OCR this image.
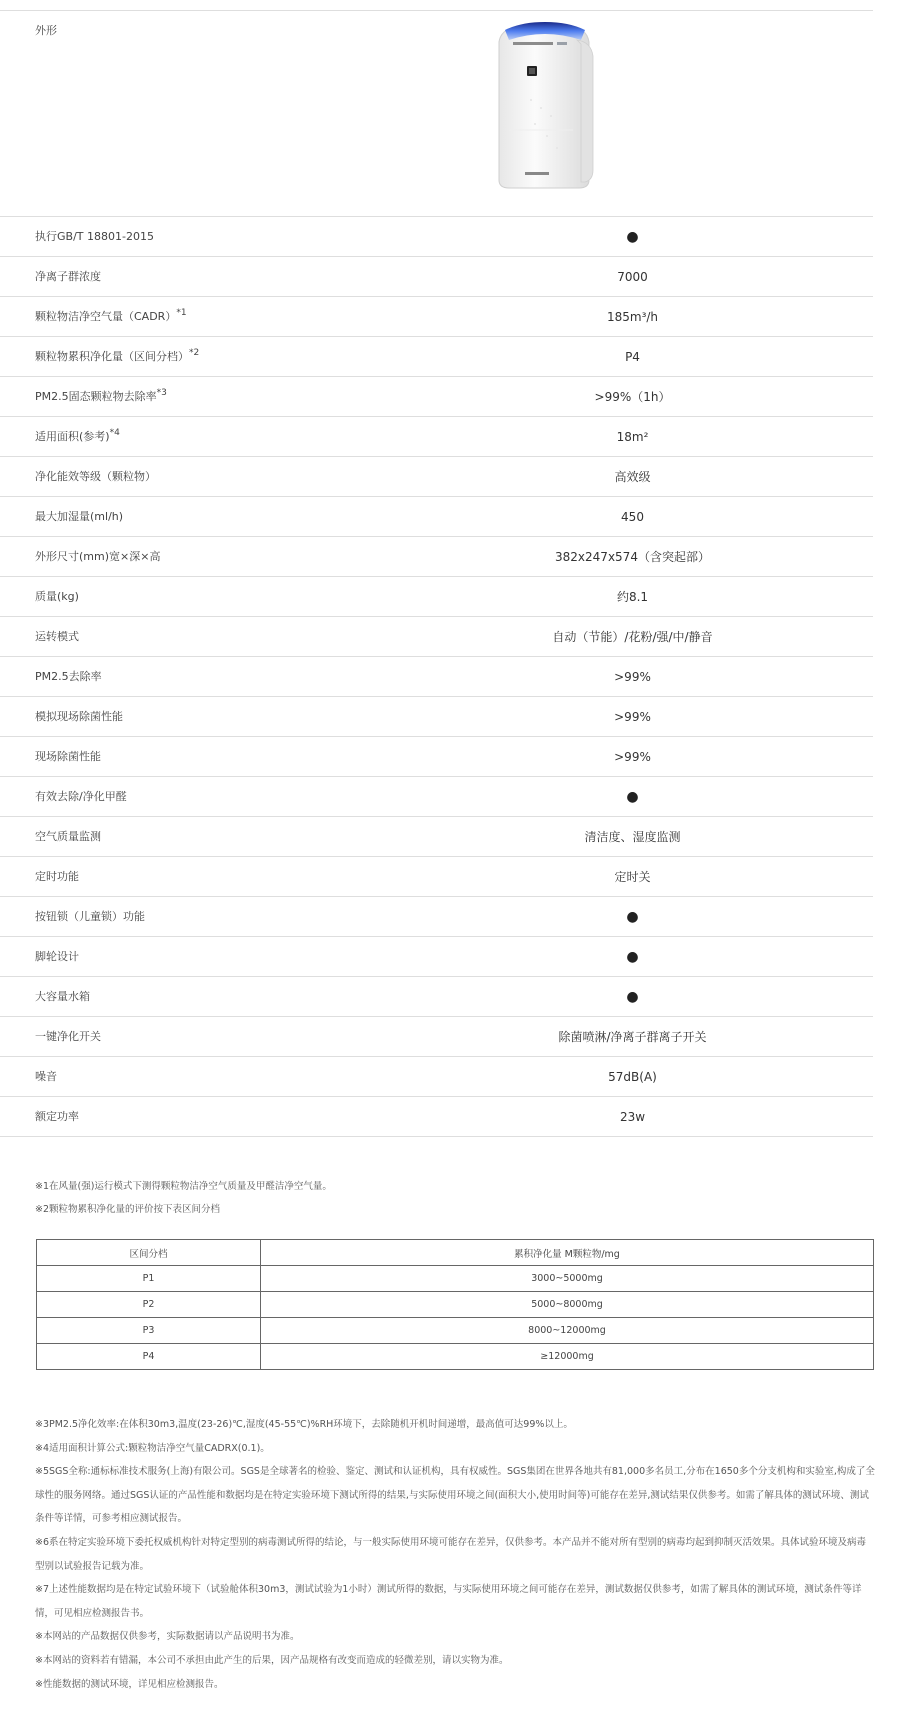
外形
执行GB/T 18801-2015	●
净离子群浓度	7000
颗粒物洁净空气量（CADR）$^{*1}$	185m³/h
颗粒物累积净化量（区间分档）$^{*2}$	P4
PM2.5固态颗粒物去除率$^{*3}$	>99%（1h）
适用面积(参考)$^{*4}$	18m²
净化能效等级（颗粒物）	高效级
最大加湿量(ml/h)	450
外形尺寸(mm)宽×深×高	382x247x574（含突起部）
质量(kg)	约8.1
运转模式	自动（节能）/花粉/强/中/静音
PM2.5去除率	>99%
模拟现场除菌性能	>99%
现场除菌性能	>99%
有效去除/净化甲醛	●
空气质量监测	清洁度、湿度监测
定时功能	定时关
按钮锁（儿童锁）功能	●
脚轮设计	●
大容量水箱	●
一键净化开关	除菌喷淋/净离子群离子开关
噪音	57dB(A)
额定功率	23w

※1在风量(强)运行模式下测得颗粒物洁净空气质量及甲醛洁净空气量。

※2颗粒物累积净化量的评价按下表区间分档

区间分档	累积净化量 M颗粒物/mg
P1	3000~5000mg
P2	5000~8000mg
P3	8000~12000mg
P4	≥12000mg

※3PM2.5净化效率:在体积30m3,温度(23-26)℃,湿度(45-55℃)%RH环境下，去除随机开机时间递增，最高值可达99%以上。

※4适用面积计算公式:颗粒物洁净空气量CADRX(0.1)。

※5SGS全称:通标标准技术服务(上海)有限公司。SGS是全球著名的检验、鉴定、测试和认证机构，具有权威性。SGS集团在世界各地共有81,000多名员工,分布在1650多个分支机构和实验室,构成了全球性的服务网络。通过SGS认证的产品性能和数据均是在特定实验环境下测试所得的结果,与实际使用环境之间(面积大小,使用时间等)可能存在差异,测试结果仅供参考。如需了解具体的测试环境、测试条件等详情，可参考相应测试报告。

※6系在特定实验环境下委托权威机构针对特定型别的病毒测试所得的结论，与一般实际使用环境可能存在差异，仅供参考。本产品并不能对所有型别的病毒均起到抑制灭活效果。具体试验环境及病毒型别以试验报告记载为准。

※7上述性能数据均是在特定试验环境下（试验舱体积30m3，测试试验为1小时）测试所得的数据，与实际使用环境之间可能存在差异，测试数据仅供参考，如需了解具体的测试环境，测试条件等详情，可见相应检测报告书。

※本网站的产品数据仅供参考，实际数据请以产品说明书为准。

※本网站的资料若有错漏，本公司不承担由此产生的后果，因产品规格有改变而造成的轻微差别，请以实物为准。

※性能数据的测试环境，详见相应检测报告。
